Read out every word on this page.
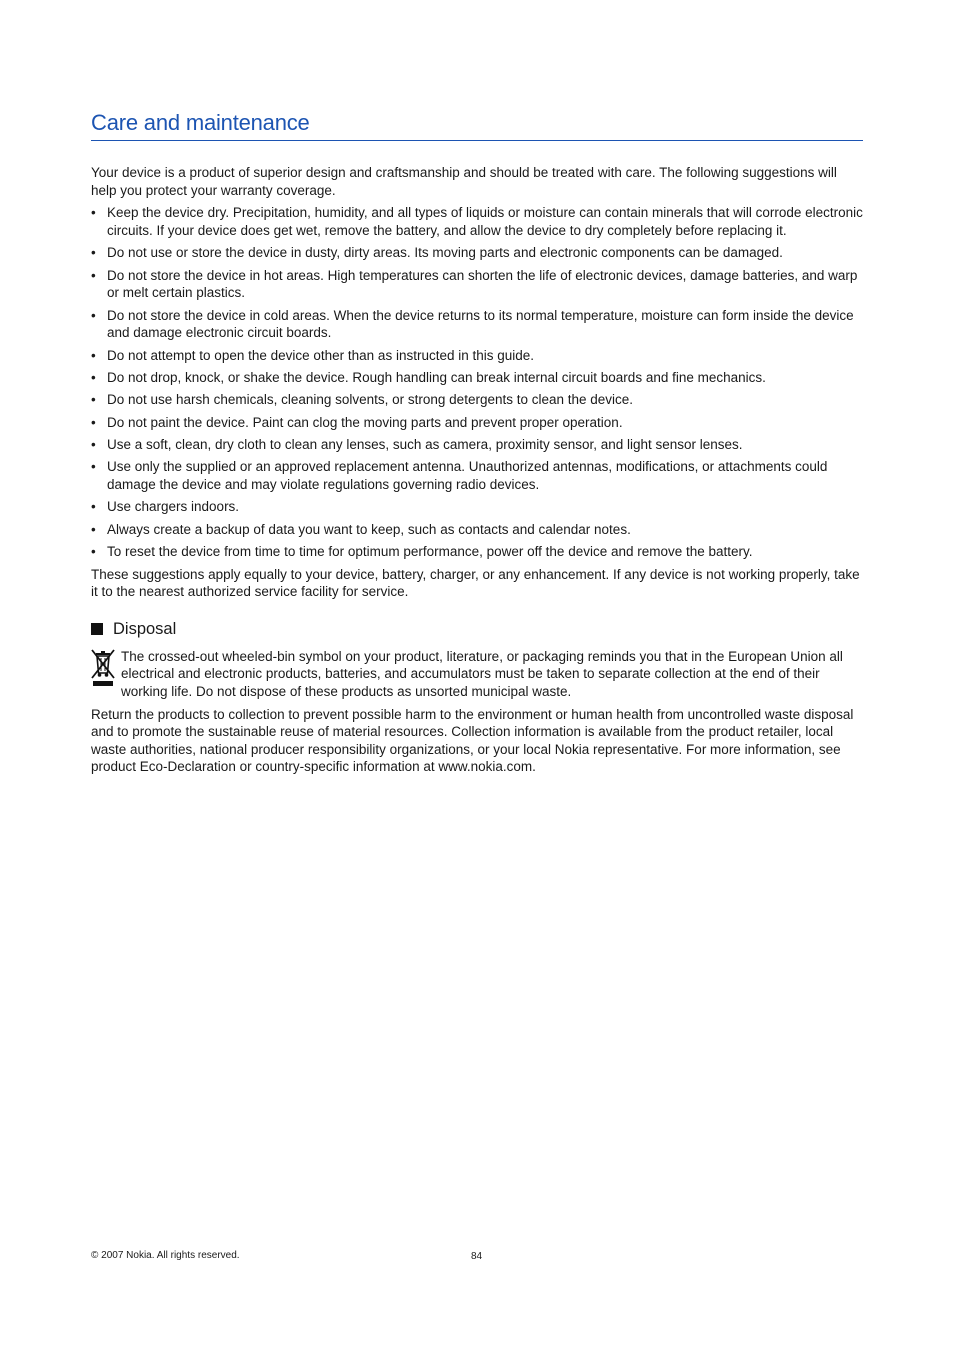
Care and maintenance

Your device is a product of superior design and craftsmanship and should be treated with care. The following suggestions will help you protect your warranty coverage.

• Keep the device dry. Precipitation, humidity, and all types of liquids or moisture can contain minerals that will corrode electronic circuits. If your device does get wet, remove the battery, and allow the device to dry completely before replacing it.
• Do not use or store the device in dusty, dirty areas. Its moving parts and electronic components can be damaged.
• Do not store the device in hot areas. High temperatures can shorten the life of electronic devices, damage batteries, and warp or melt certain plastics.
• Do not store the device in cold areas. When the device returns to its normal temperature, moisture can form inside the device and damage electronic circuit boards.
• Do not attempt to open the device other than as instructed in this guide.
• Do not drop, knock, or shake the device. Rough handling can break internal circuit boards and fine mechanics.
• Do not use harsh chemicals, cleaning solvents, or strong detergents to clean the device.
• Do not paint the device. Paint can clog the moving parts and prevent proper operation.
• Use a soft, clean, dry cloth to clean any lenses, such as camera, proximity sensor, and light sensor lenses.
• Use only the supplied or an approved replacement antenna. Unauthorized antennas, modifications, or attachments could damage the device and may violate regulations governing radio devices.
• Use chargers indoors.
• Always create a backup of data you want to keep, such as contacts and calendar notes.
• To reset the device from time to time for optimum performance, power off the device and remove the battery.

These suggestions apply equally to your device, battery, charger, or any enhancement. If any device is not working properly, take it to the nearest authorized service facility for service.

Disposal

The crossed-out wheeled-bin symbol on your product, literature, or packaging reminds you that in the European Union all electrical and electronic products, batteries, and accumulators must be taken to separate collection at the end of their working life. Do not dispose of these products as unsorted municipal waste.

Return the products to collection to prevent possible harm to the environment or human health from uncontrolled waste disposal and to promote the sustainable reuse of material resources. Collection information is available from the product retailer, local waste authorities, national producer responsibility organizations, or your local Nokia representative. For more information, see product Eco-Declaration or country-specific information at www.nokia.com.

© 2007 Nokia. All rights reserved.	84
